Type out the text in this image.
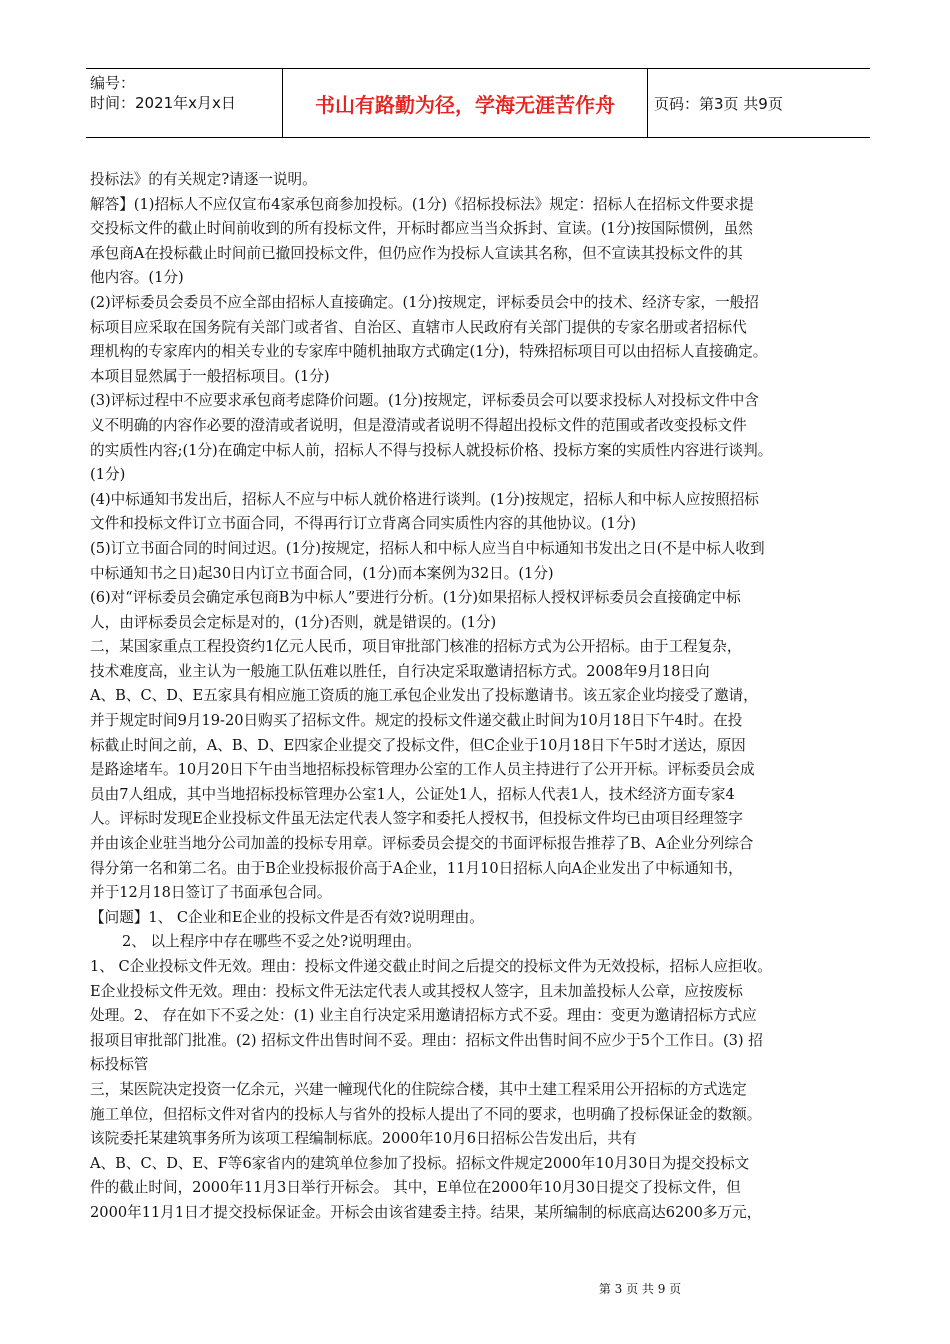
编号：
时间：2021年x月x日	书山有路勤为径，学海无涯苦作舟	页码：第3页 共9页
投标法》的有关规定?请逐一说明。
解答】(1)招标人不应仅宣布4家承包商参加投标。(1分)《招标投标法》规定：招标人在招标文件要求提
交投标文件的截止时间前收到的所有投标文件，开标时都应当当众拆封、宣读。(1分)按国际惯例，虽然
承包商A在投标截止时间前已撤回投标文件，但仍应作为投标人宣读其名称，但不宣读其投标文件的其
他内容。(1分)
(2)评标委员会委员不应全部由招标人直接确定。(1分)按规定，评标委员会中的技术、经济专家，一般招
标项目应采取在国务院有关部门或者省、自治区、直辖市人民政府有关部门提供的专家名册或者招标代
理机构的专家库内的相关专业的专家库中随机抽取方式确定(1分)，特殊招标项目可以由招标人直接确定。
本项目显然属于一般招标项目。(1分)
(3)评标过程中不应要求承包商考虑降价问题。(1分)按规定，评标委员会可以要求投标人对投标文件中含
义不明确的内容作必要的澄清或者说明，但是澄清或者说明不得超出投标文件的范围或者改变投标文件
的实质性内容;(1分)在确定中标人前，招标人不得与投标人就投标价格、投标方案的实质性内容进行谈判。
(1分)
(4)中标通知书发出后，招标人不应与中标人就价格进行谈判。(1分)按规定，招标人和中标人应按照招标
文件和投标文件订立书面合同，不得再行订立背离合同实质性内容的其他协议。(1分)
(5)订立书面合同的时间过迟。(1分)按规定，招标人和中标人应当自中标通知书发出之日(不是中标人收到
中标通知书之日)起30日内订立书面合同，(1分)而本案例为32日。(1分)
(6)对“评标委员会确定承包商B为中标人”要进行分析。(1分)如果招标人授权评标委员会直接确定中标
人，由评标委员会定标是对的，(1分)否则，就是错误的。(1分)
二，某国家重点工程投资约1亿元人民币，项目审批部门核准的招标方式为公开招标。由于工程复杂，
技术难度高，业主认为一般施工队伍难以胜任，自行决定采取邀请招标方式。2008年9月18日向
A、B、C、D、E五家具有相应施工资质的施工承包企业发出了投标邀请书。该五家企业均接受了邀请，
并于规定时间9月19-20日购买了招标文件。规定的投标文件递交截止时间为10月18日下午4时。在投
标截止时间之前，A、B、D、E四家企业提交了投标文件，但C企业于10月18日下午5时才送达，原因
是路途堵车。10月20日下午由当地招标投标管理办公室的工作人员主持进行了公开开标。评标委员会成
员由7人组成，其中当地招标投标管理办公室1人，公证处1人，招标人代表1人，技术经济方面专家4
人。评标时发现E企业投标文件虽无法定代表人签字和委托人授权书，但投标文件均已由项目经理签字
并由该企业驻当地分公司加盖的投标专用章。评标委员会提交的书面评标报告推荐了B、A企业分列综合
得分第一名和第二名。由于B企业投标报价高于A企业，11月10日招标人向A企业发出了中标通知书，
并于12月18日签订了书面承包合同。
【问题】1、 C企业和E企业的投标文件是否有效?说明理由。
2、 以上程序中存在哪些不妥之处?说明理由。
1、 C企业投标文件无效。理由：投标文件递交截止时间之后提交的投标文件为无效投标，招标人应拒收。
E企业投标文件无效。理由：投标文件无法定代表人或其授权人签字，且未加盖投标人公章，应按废标
处理。2、 存在如下不妥之处：(1) 业主自行决定采用邀请招标方式不妥。理由：变更为邀请招标方式应
报项目审批部门批准。(2) 招标文件出售时间不妥。理由：招标文件出售时间不应少于5个工作日。(3) 招
标投标管
三，某医院决定投资一亿余元，兴建一幢现代化的住院综合楼，其中土建工程采用公开招标的方式选定
施工单位，但招标文件对省内的投标人与省外的投标人提出了不同的要求，也明确了投标保证金的数额。
该院委托某建筑事务所为该项工程编制标底。2000年10月6日招标公告发出后，共有
A、B、C、D、E、F等6家省内的建筑单位参加了投标。招标文件规定2000年10月30日为提交投标文
件的截止时间，2000年11月3日举行开标会。 其中，E单位在2000年10月30日提交了投标文件，但
2000年11月1日才提交投标保证金。开标会由该省建委主持。结果，某所编制的标底高达6200多万元，
第 3 页 共 9 页
